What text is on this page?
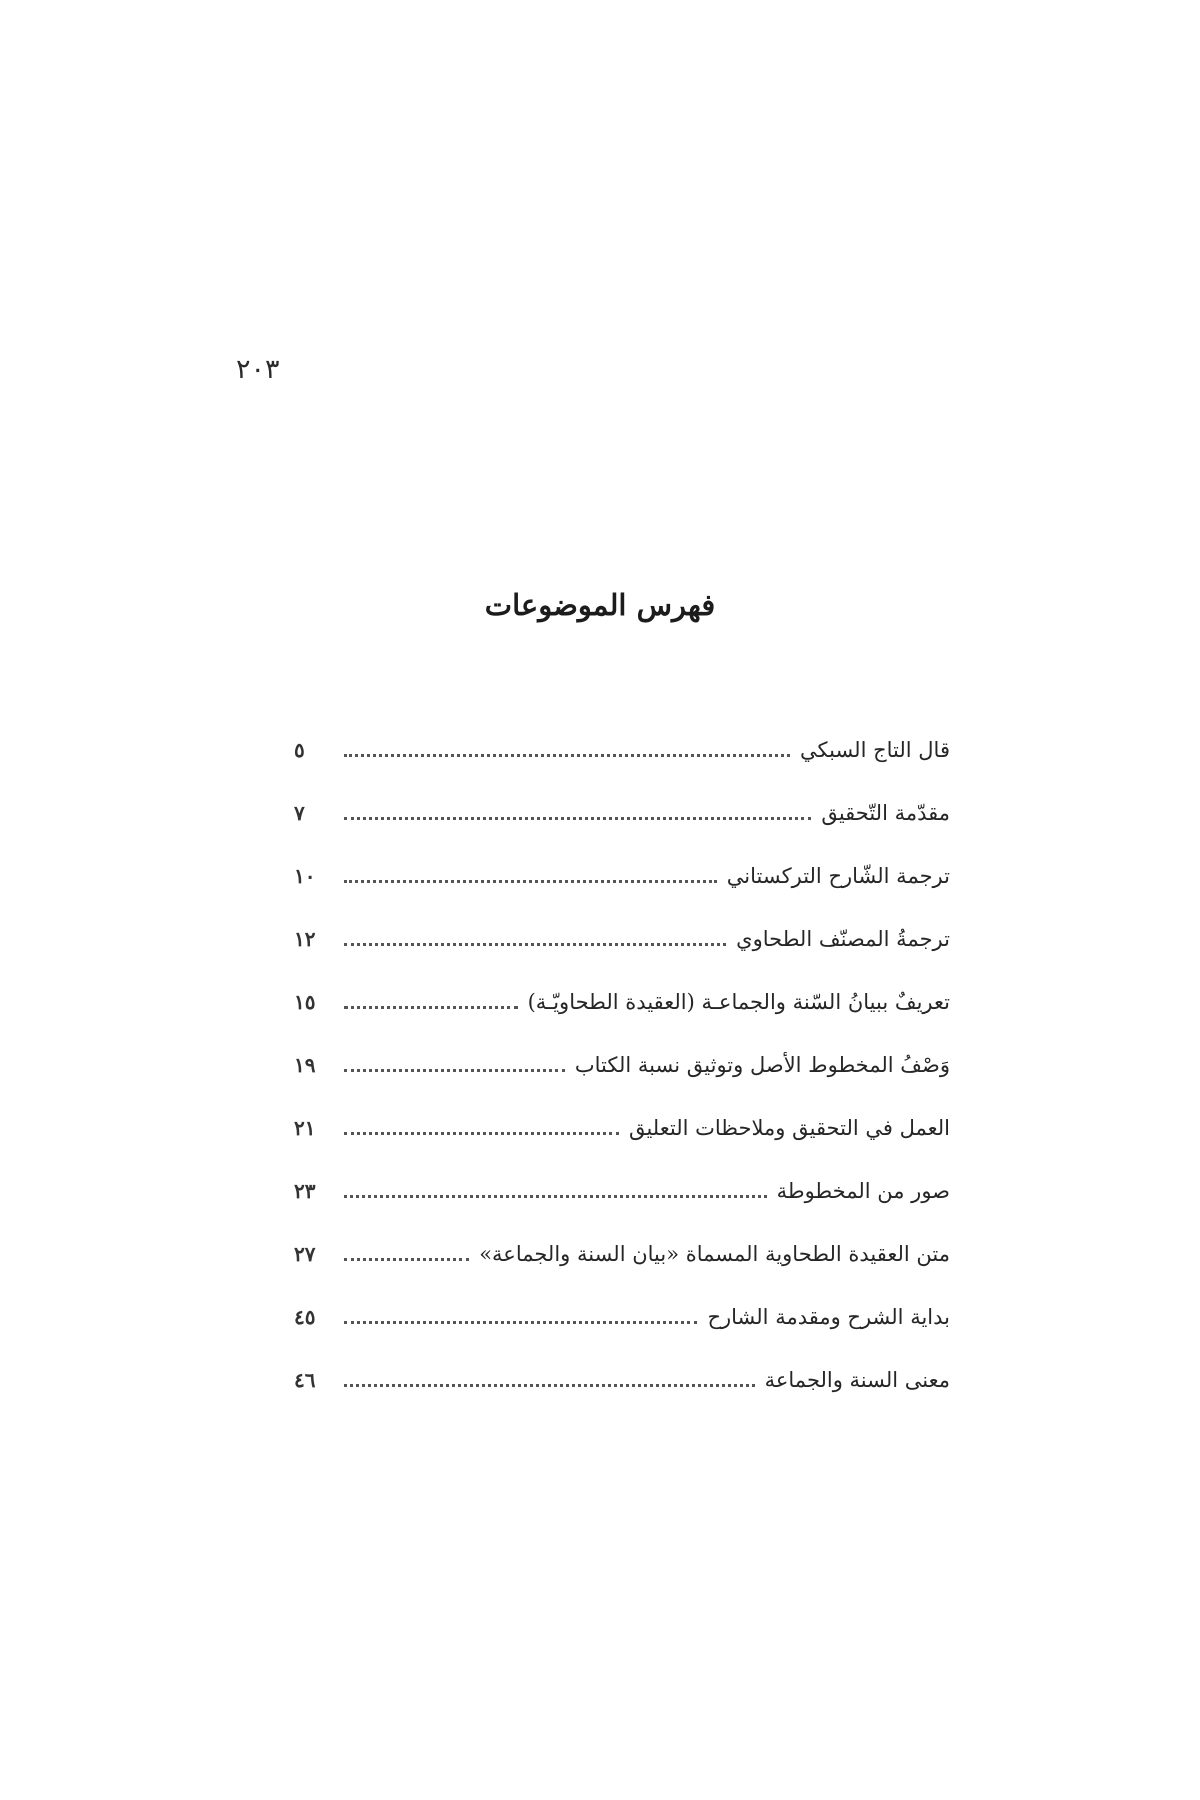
٢٠٣
فهرس الموضوعات
قال التاج السبكي
٥
مقدّمة التّحقيق
٧
ترجمة الشّارح التركستاني
١٠
ترجمةُ المصنّف الطحاوي
١٢
تعريفٌ ببيانُ السّنة والجماعـة (العقيدة الطحاويّـة)
١٥
وَصْفُ المخطوط الأصل وتوثيق نسبة الكتاب
١٩
العمل في التحقيق وملاحظات التعليق
٢١
صور من المخطوطة
٢٣
متن العقيدة الطحاوية المسماة «بيان السنة والجماعة»
٢٧
بداية الشرح ومقدمة الشارح
٤٥
معنى السنة والجماعة
٤٦
